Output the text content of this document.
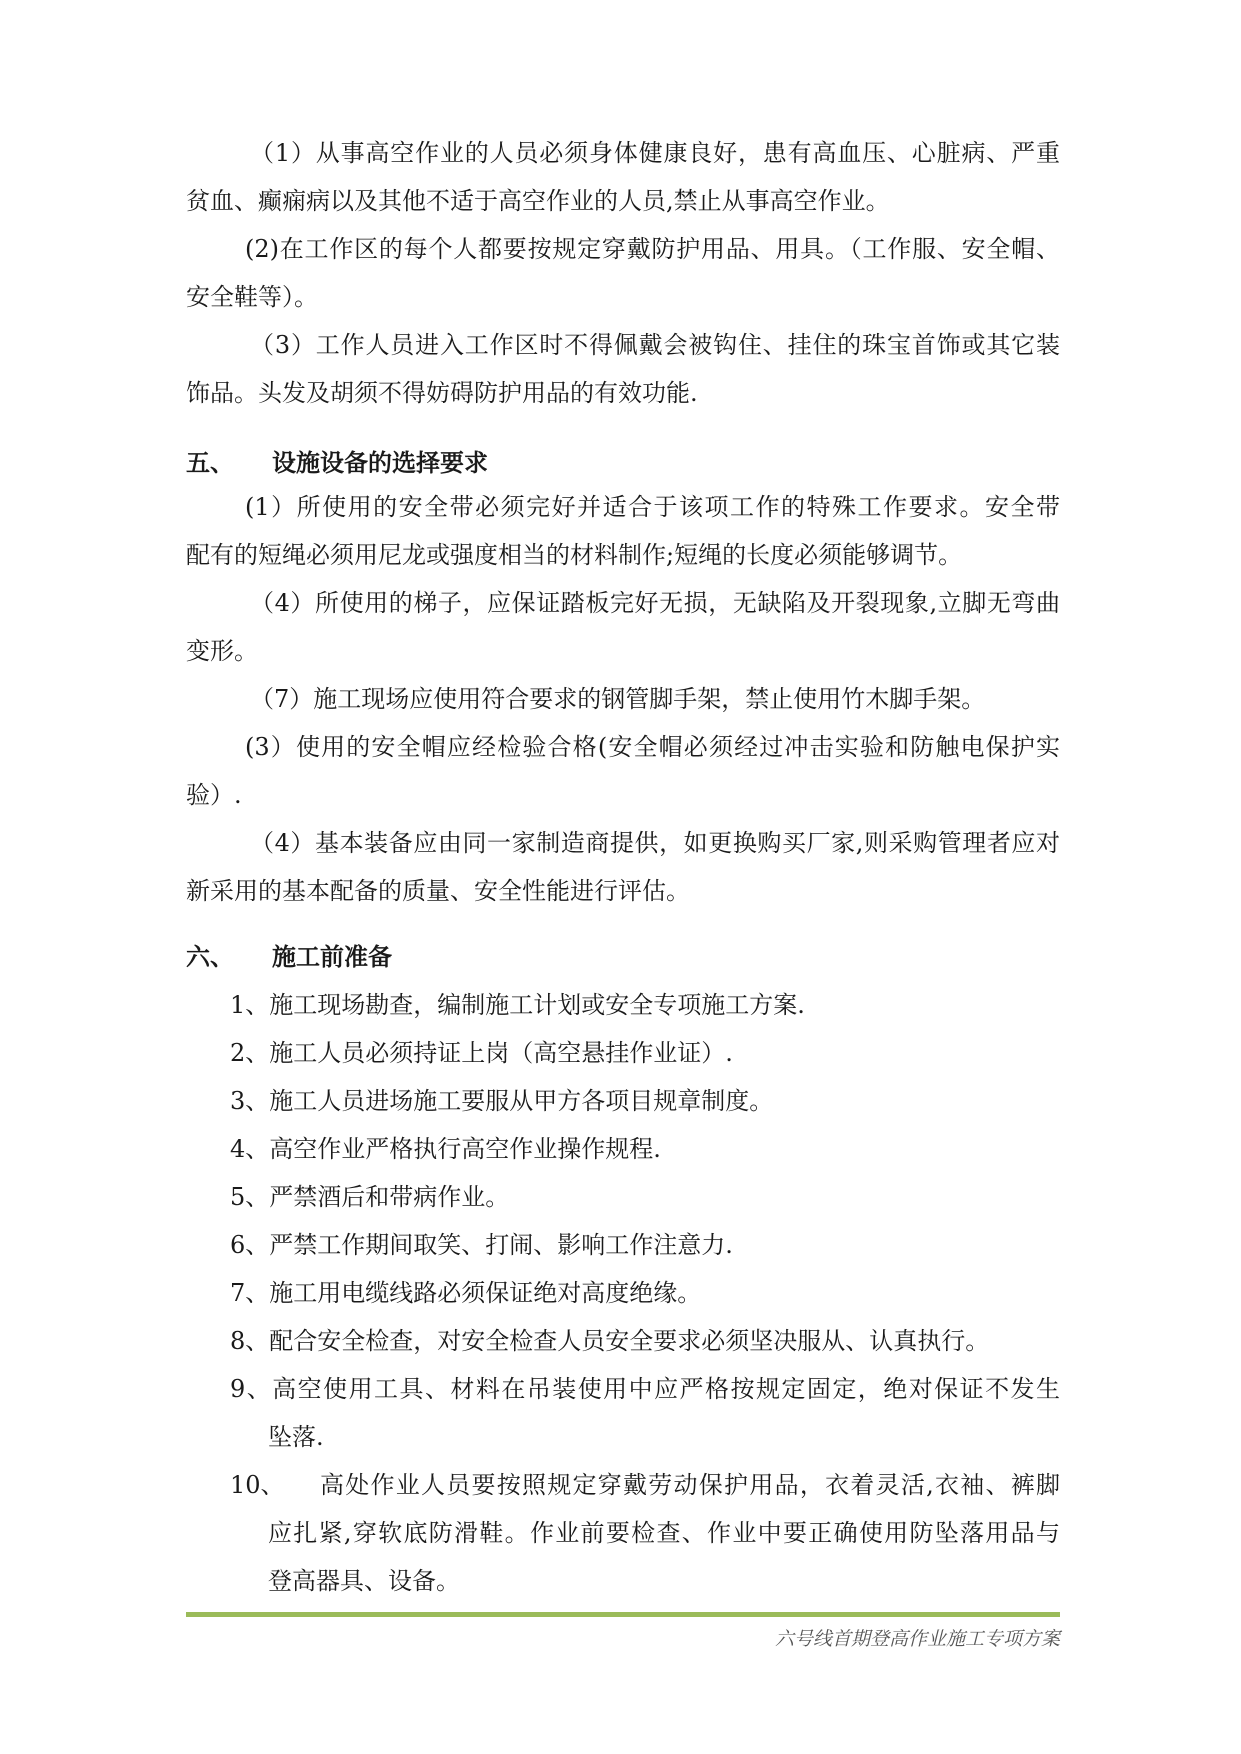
（1）从事高空作业的人员必须身体健康良好，患有高血压、心脏病、严重
贫血、癫痫病以及其他不适于高空作业的人员,禁止从事高空作业。
(2)在工作区的每个人都要按规定穿戴防护用品、用具。（工作服、安全帽、
安全鞋等）。
（3）工作人员进入工作区时不得佩戴会被钩住、挂住的珠宝首饰或其它装
饰品。头发及胡须不得妨碍防护用品的有效功能.
五、 设施设备的选择要求
(1）所使用的安全带必须完好并适合于该项工作的特殊工作要求。安全带
配有的短绳必须用尼龙或强度相当的材料制作;短绳的长度必须能够调节。
（4）所使用的梯子，应保证踏板完好无损，无缺陷及开裂现象,立脚无弯曲
变形。
（7）施工现场应使用符合要求的钢管脚手架，禁止使用竹木脚手架。
(3）使用的安全帽应经检验合格(安全帽必须经过冲击实验和防触电保护实
验）.
（4）基本装备应由同一家制造商提供，如更换购买厂家,则采购管理者应对
新采用的基本配备的质量、安全性能进行评估。
六、 施工前准备
1、施工现场勘查，编制施工计划或安全专项施工方案.
2、施工人员必须持证上岗（高空悬挂作业证）.
3、施工人员进场施工要服从甲方各项目规章制度。
4、高空作业严格执行高空作业操作规程.
5、严禁酒后和带病作业。
6、严禁工作期间取笑、打闹、影响工作注意力.
7、施工用电缆线路必须保证绝对高度绝缘。
8、配合安全检查，对安全检查人员安全要求必须坚决服从、认真执行。
9、高空使用工具、材料在吊装使用中应严格按规定固定，绝对保证不发生
坠落.
10、 高处作业人员要按照规定穿戴劳动保护用品，衣着灵活,衣袖、裤脚
应扎紧,穿软底防滑鞋。作业前要检查、作业中要正确使用防坠落用品与
登高器具、设备。
六号线首期登高作业施工专项方案
